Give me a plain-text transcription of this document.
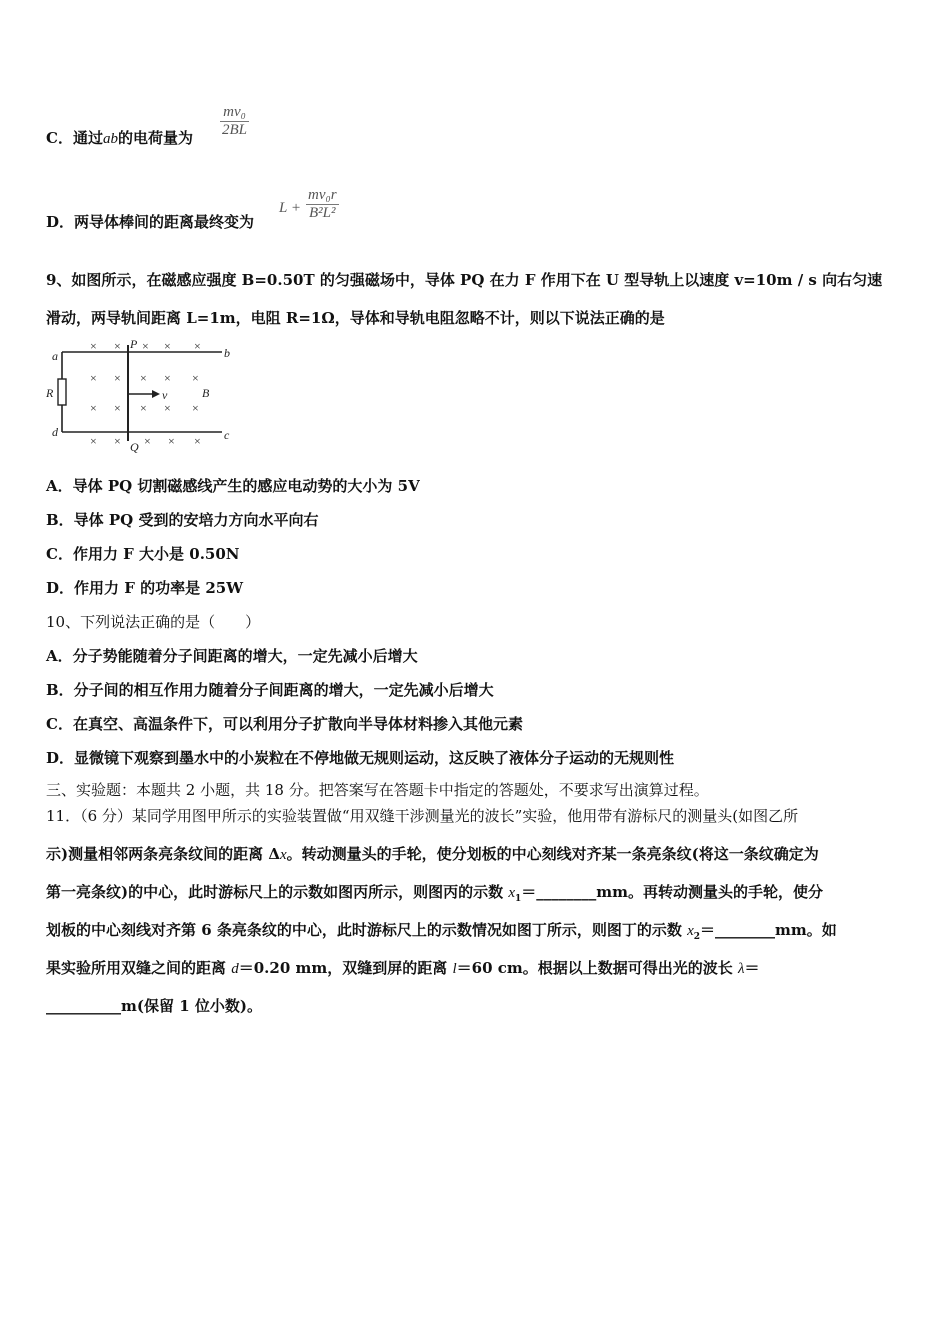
C．通过ab的电荷量为 $\frac{\text{mv₀}}{2BL}$
D．两导体棒间的距离最终变为
$L + \frac{\text{mv₀r}}{\text{B²L²}}$
9、如图所示，在磁感应强度 B=0.50T 的匀强磁场中，导体 PQ 在力 F 作用下在 U 型导轨上以速度 v=10m / s 向右匀速
滑动，两导轨间距离 L=1m，电阻 R=1Ω，导体和导轨电阻忽略不计，则以下说法正确的是
× × × × ×
× × × × ×
× × × × ×
× × × × ×
a	b
c
d
P
Q
R	v	B
A．导体 PQ 切割磁感线产生的感应电动势的大小为 5V
B．导体 PQ 受到的安培力方向水平向右
C．作用力 F 大小是 0.50N
D．作用力 F 的功率是 25W
10、下列说法正确的是（　　）
A．分子势能随着分子间距离的增大，一定先减小后增大
B．分子间的相互作用力随着分子间距离的增大，一定先减小后增大
C．在真空、高温条件下，可以利用分子扩散向半导体材料掺入其他元素
D．显微镜下观察到墨水中的小炭粒在不停地做无规则运动，这反映了液体分子运动的无规则性
三、实验题：本题共 2 小题，共 18 分。把答案写在答题卡中指定的答题处，不要求写出演算过程。
11．（6 分）某同学用图甲所示的实验装置做“用双缝干涉测量光的波长”实验，他用带有游标尺的测量头(如图乙所
示)测量相邻两条亮条纹间的距离 Δx。转动测量头的手轮，使分划板的中心刻线对齐某一条亮条纹(将这一条纹确定为
第一亮条纹)的中心，此时游标尺上的示数如图丙所示，则图丙的示数 $x_1=\_\_\_\_\_\_\_\_mm$。再转动测量头的手轮，使分
划板的中心刻线对齐第 6 条亮条纹的中心，此时游标尺上的示数情况如图丁所示，则图丁的示数 $x_2=\_\_\_\_\_\_\_\_mm$。如
果实验所用双缝之间的距离 d＝0.20 mm，双缝到屏的距离 l＝60 cm。根据以上数据可得出光的波长 λ＝
__________m(保留 1 位小数)。
